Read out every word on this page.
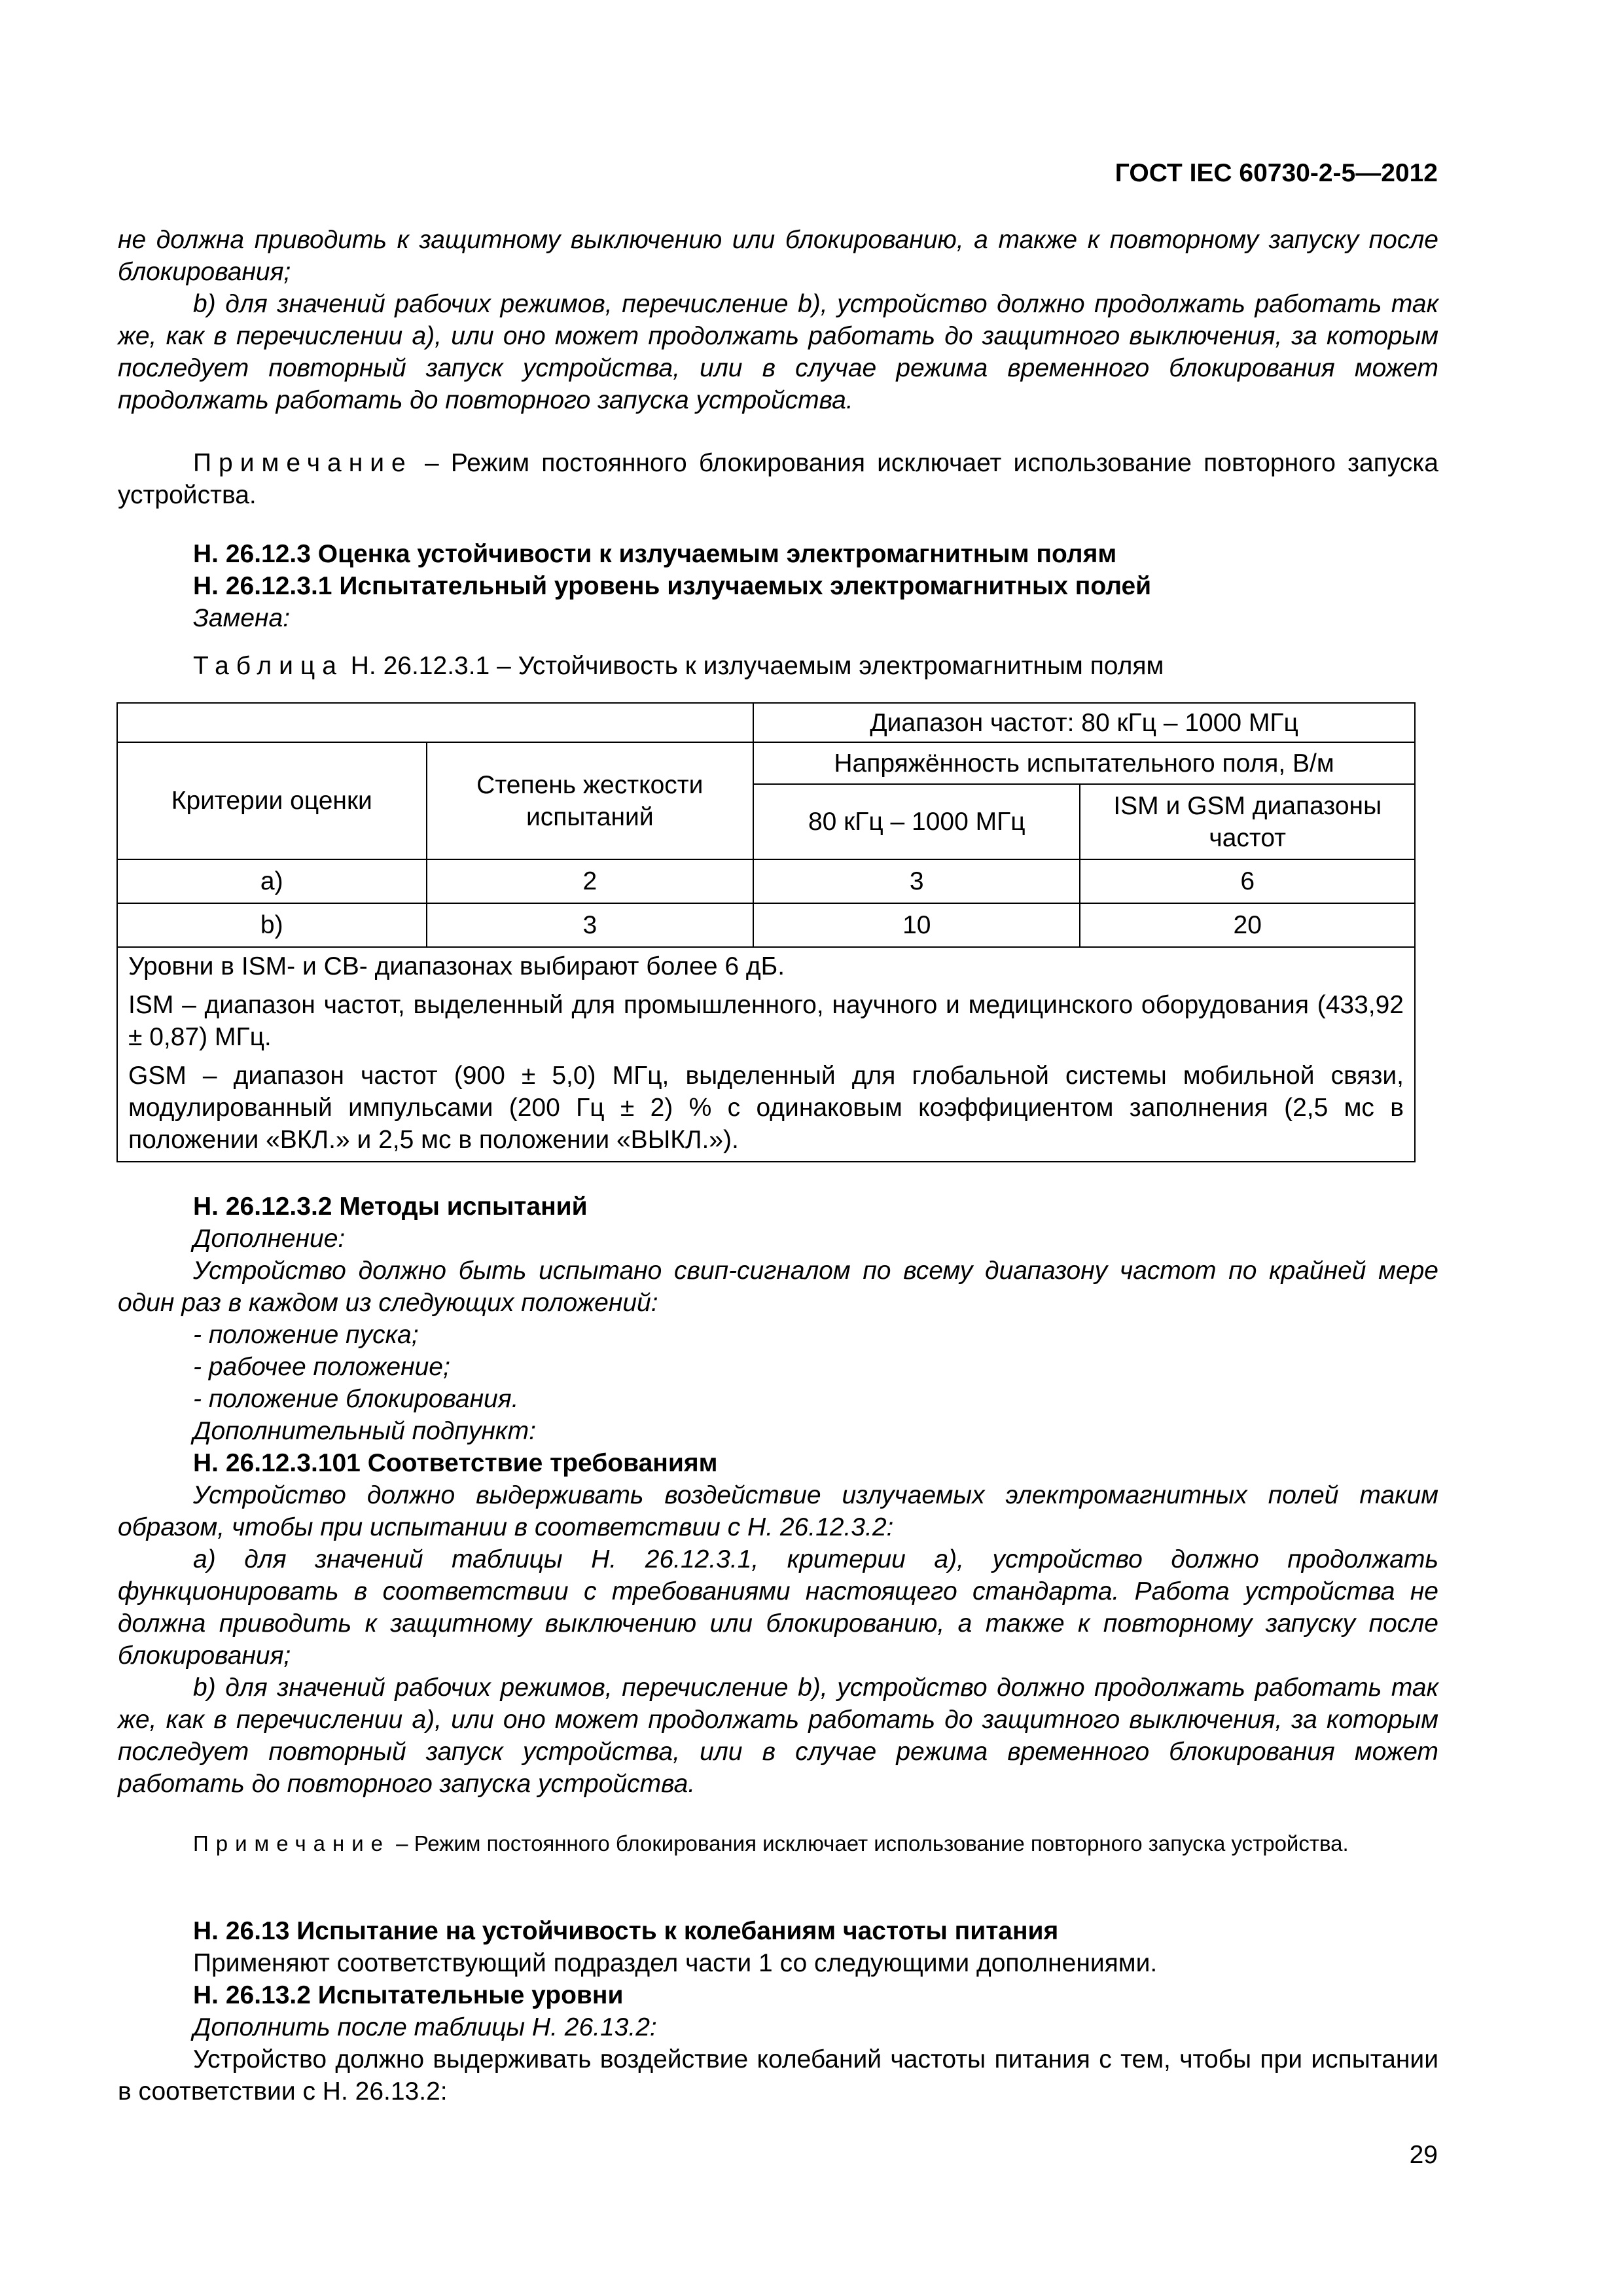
ГОСТ IEC 60730-2-5—2012

не должна приводить к защитному выключению или блокированию, а также к повторному запуску после блокирования;

b) для значений рабочих режимов, перечисление b), устройство должно продолжать работать так же, как в перечислении a), или оно может продолжать работать до защитного выключения, за которым последует повторный запуск устройства, или в случае режима временного блокирования может продолжать работать до повторного запуска устройства.

Примечание – Режим постоянного блокирования исключает использование повторного запуска устройства.

Н. 26.12.3 Оценка устойчивости к излучаемым электромагнитным полям

Н. 26.12.3.1 Испытательный уровень излучаемых электромагнитных полей

Замена:

Таблица Н. 26.12.3.1 – Устойчивость к излучаемым электромагнитным полям

		Диапазон частот: 80 кГц – 1000 МГц	
Критерии оценки	Степень жесткости испытаний	Напряжённость испытательного поля, В/м	
		80 кГц – 1000 МГц	ISM и GSM диапазоны частот
a)	2	3	6
b)	3	10	20

Уровни в ISM- и СВ- диапазонах выбирают более 6 дБ.

ISM – диапазон частот, выделенный для промышленного, научного и медицинского оборудования (433,92 ± 0,87) МГц.

GSM – диапазон частот (900 ± 5,0) МГц, выделенный для глобальной системы мобильной связи, модулированный импульсами (200 Гц ± 2) % с одинаковым коэффициентом заполнения (2,5 мс в положении «ВКЛ.» и 2,5 мс в положении «ВЫКЛ.»).			

Н. 26.12.3.2 Методы испытаний

Дополнение:

Устройство должно быть испытано свип-сигналом по всему диапазону частот по крайней мере один раз в каждом из следующих положений:

- положение пуска;
- рабочее положение;
- положение блокирования.

Дополнительный подпункт:

Н. 26.12.3.101 Соответствие требованиям

Устройство должно выдерживать воздействие излучаемых электромагнитных полей таким образом, чтобы при испытании в соответствии с Н. 26.12.3.2:

a) для значений таблицы Н. 26.12.3.1, критерии а), устройство должно продолжать функционировать в соответствии с требованиями настоящего стандарта. Работа устройства не должна приводить к защитному выключению или блокированию, а также к повторному запуску после блокирования;

b) для значений рабочих режимов, перечисление b), устройство должно продолжать работать так же, как в перечислении a), или оно может продолжать работать до защитного выключения, за которым последует повторный запуск устройства, или в случае режима временного блокирования может работать до повторного запуска устройства.

Примечание – Режим постоянного блокирования исключает использование повторного запуска устройства.

Н. 26.13 Испытание на устойчивость к колебаниям частоты питания

Применяют соответствующий подраздел части 1 со следующими дополнениями.

Н. 26.13.2 Испытательные уровни

Дополнить после таблицы Н. 26.13.2:

Устройство должно выдерживать воздействие колебаний частоты питания с тем, чтобы при испытании в соответствии с Н. 26.13.2:

29
